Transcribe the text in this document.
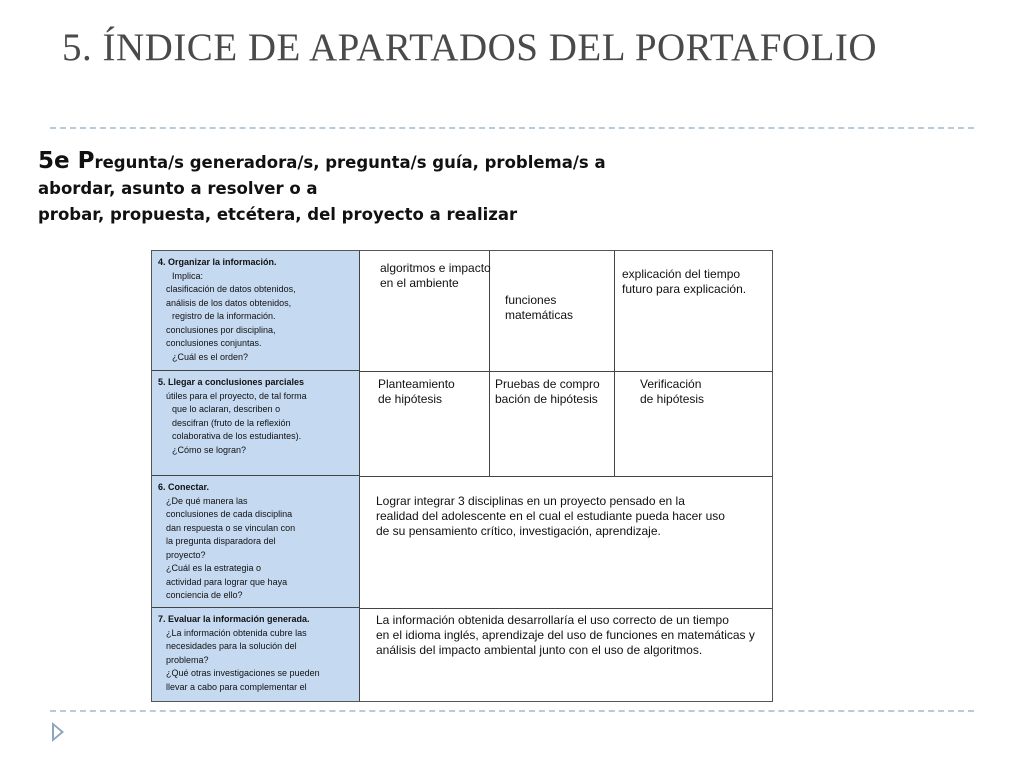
5. ÍNDICE DE APARTADOS DEL PORTAFOLIO
5e Pregunta/s generadora/s, pregunta/s guía, problema/s a
abordar, asunto a resolver o a
probar, propuesta, etcétera, del proyecto a realizar
4. Organizar la información.
Implica:
clasificación de datos obtenidos,
análisis de los datos obtenidos,
registro de la información.
conclusiones por disciplina,
conclusiones conjuntas.
¿Cuál es el orden?
5. Llegar a conclusiones parciales
útiles para el proyecto, de tal forma
que lo aclaran, describen o
descifran (fruto de la reflexión
colaborativa de los estudiantes).
¿Cómo se logran?
6. Conectar.
¿De qué manera las
conclusiones de cada disciplina
dan respuesta o se vinculan con
la pregunta disparadora del
proyecto?
¿Cuál es la estrategia o
actividad para lograr que haya
conciencia de ello?
7. Evaluar la información generada.
¿La información obtenida cubre las
necesidades para la solución del
problema?
¿Qué otras investigaciones se pueden
llevar a cabo para complementar el
algoritmos e impacto
en el ambiente
funciones
matemáticas
explicación del tiempo
futuro para explicación.
Planteamiento
de hipótesis
Pruebas de compro
bación de hipótesis
Verificación
de hipótesis
Lograr integrar 3 disciplinas en un proyecto pensado en la
realidad del adolescente en el cual el estudiante pueda hacer uso
de su pensamiento crítico, investigación, aprendizaje.
La información obtenida desarrollaría el uso correcto de un tiempo
en el idioma inglés, aprendizaje del uso de funciones en matemáticas y
análisis del impacto ambiental junto con el uso de algoritmos.
